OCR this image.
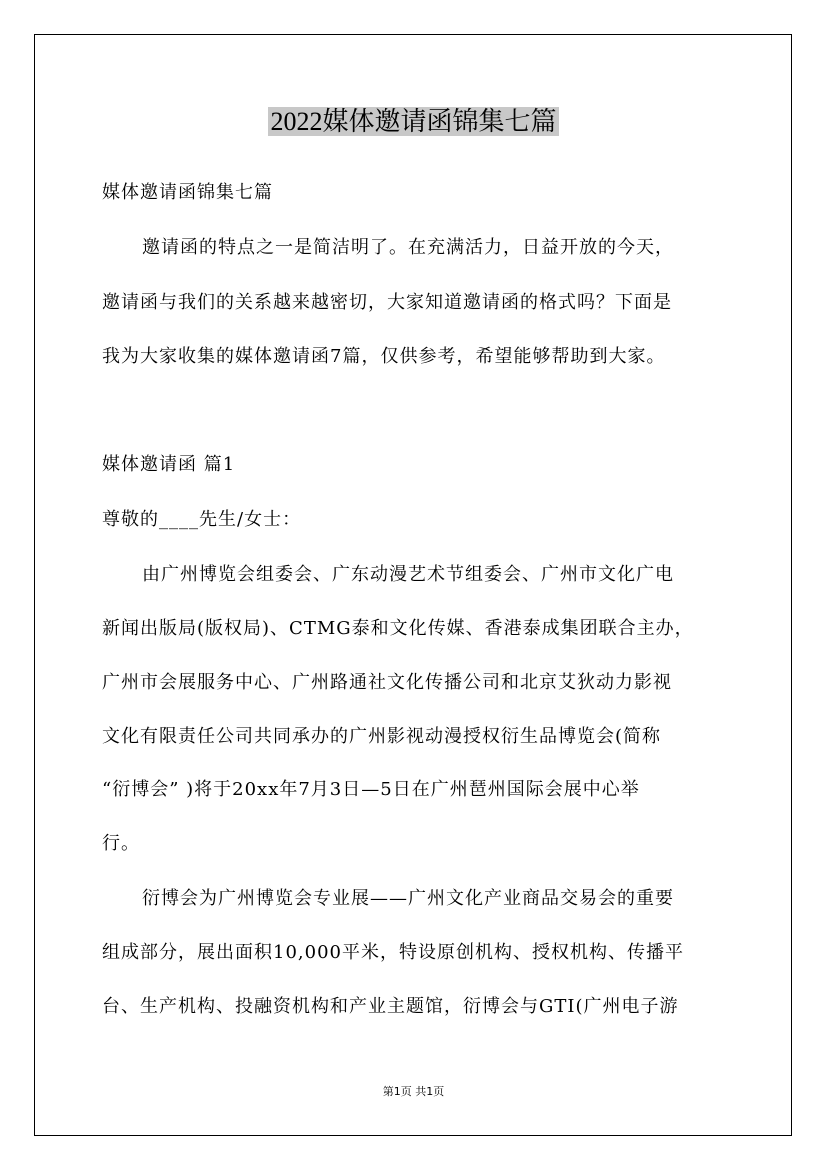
2022媒体邀请函锦集七篇
媒体邀请函锦集七篇
邀请函的特点之一是简洁明了。在充满活力，日益开放的今天，
邀请函与我们的关系越来越密切，大家知道邀请函的格式吗？下面是
我为大家收集的媒体邀请函7篇，仅供参考，希望能够帮助到大家。
媒体邀请函 篇1
尊敬的____先生/女士：
由广州博览会组委会、广东动漫艺术节组委会、广州市文化广电
新闻出版局(版权局)、CTMG泰和文化传媒、香港泰成集团联合主办，
广州市会展服务中心、广州路通社文化传播公司和北京艾狄动力影视
文化有限责任公司共同承办的广州影视动漫授权衍生品博览会(简称
“衍博会” )将于20xx年7月3日—5日在广州琶州国际会展中心举
行。
衍博会为广州博览会专业展——广州文化产业商品交易会的重要
组成部分，展出面积10,000平米，特设原创机构、授权机构、传播平
台、生产机构、投融资机构和产业主题馆，衍博会与GTI(广州电子游
第1页 共1页
